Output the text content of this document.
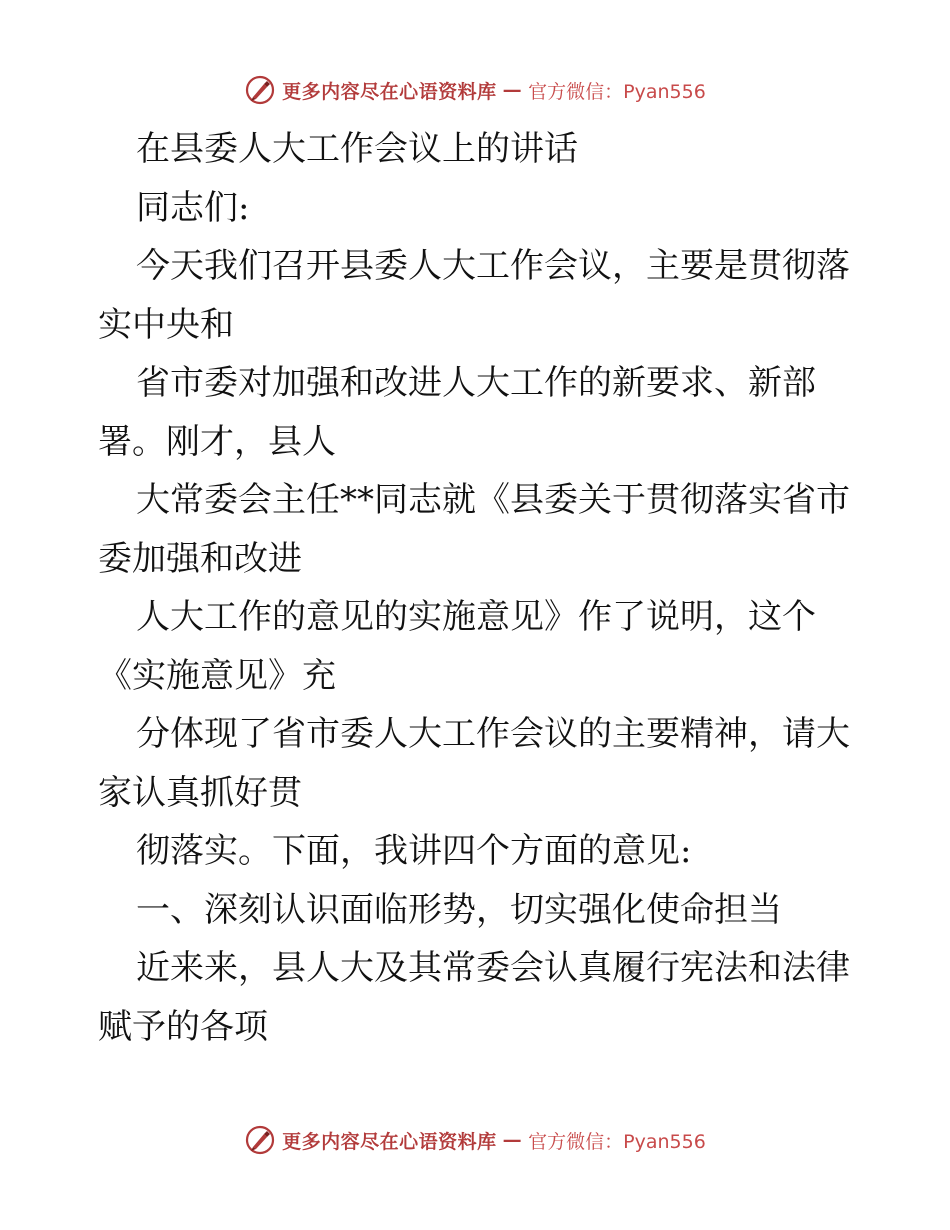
更多内容尽在心语资料库 — 官方微信：Pyan556
在县委人大工作会议上的讲话
同志们:
今天我们召开县委人大工作会议，主要是贯彻落
实中央和
省市委对加强和改进人大工作的新要求、新部
署。刚才，县人
大常委会主任**同志就《县委关于贯彻落实省市
委加强和改进
人大工作的意见的实施意见》作了说明，这个
《实施意见》充
分体现了省市委人大工作会议的主要精神，请大
家认真抓好贯
彻落实。下面，我讲四个方面的意见:
一、深刻认识面临形势，切实强化使命担当
近来来，县人大及其常委会认真履行宪法和法律
赋予的各项
更多内容尽在心语资料库 — 官方微信：Pyan556
